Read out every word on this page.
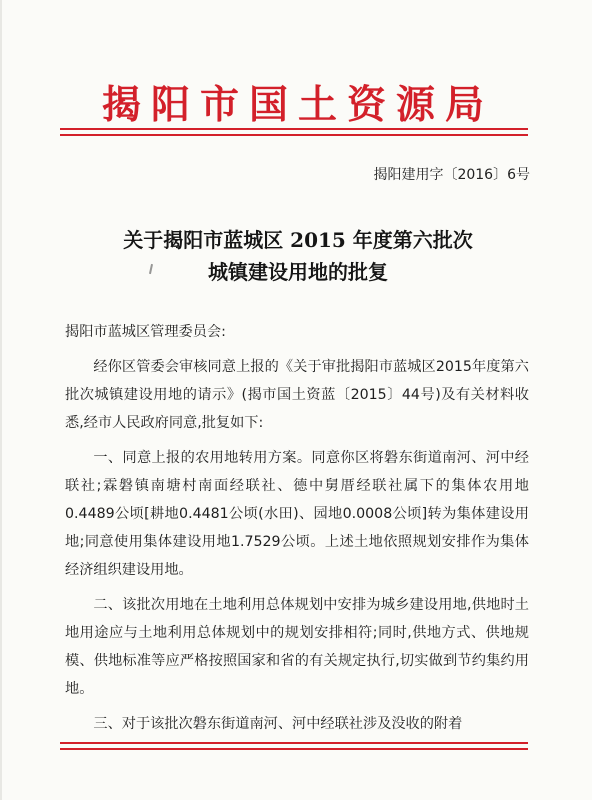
揭阳市国土资源局
揭阳建用字〔2016〕6号
关于揭阳市蓝城区 2015 年度第六批次
城镇建设用地的批复

揭阳市蓝城区管理委员会:

经你区管委会审核同意上报的《关于审批揭阳市蓝城区2015年度第六批次城镇建设用地的请示》(揭市国土资蓝〔2015〕44号)及有关材料收悉,经市人民政府同意,批复如下:

一、同意上报的农用地转用方案。同意你区将磐东街道南河、河中经联社;霖磐镇南塘村南面经联社、德中舅厝经联社属下的集体农用地0.4489公顷[耕地0.4481公顷(水田)、园地0.0008公顷]转为集体建设用地;同意使用集体建设用地1.7529公顷。上述土地依照规划安排作为集体经济组织建设用地。

二、该批次用地在土地利用总体规划中安排为城乡建设用地,供地时土地用途应与土地利用总体规划中的规划安排相符;同时,供地方式、供地规模、供地标准等应严格按照国家和省的有关规定执行,切实做到节约集约用地。

三、对于该批次磐东街道南河、河中经联社涉及没收的附着
